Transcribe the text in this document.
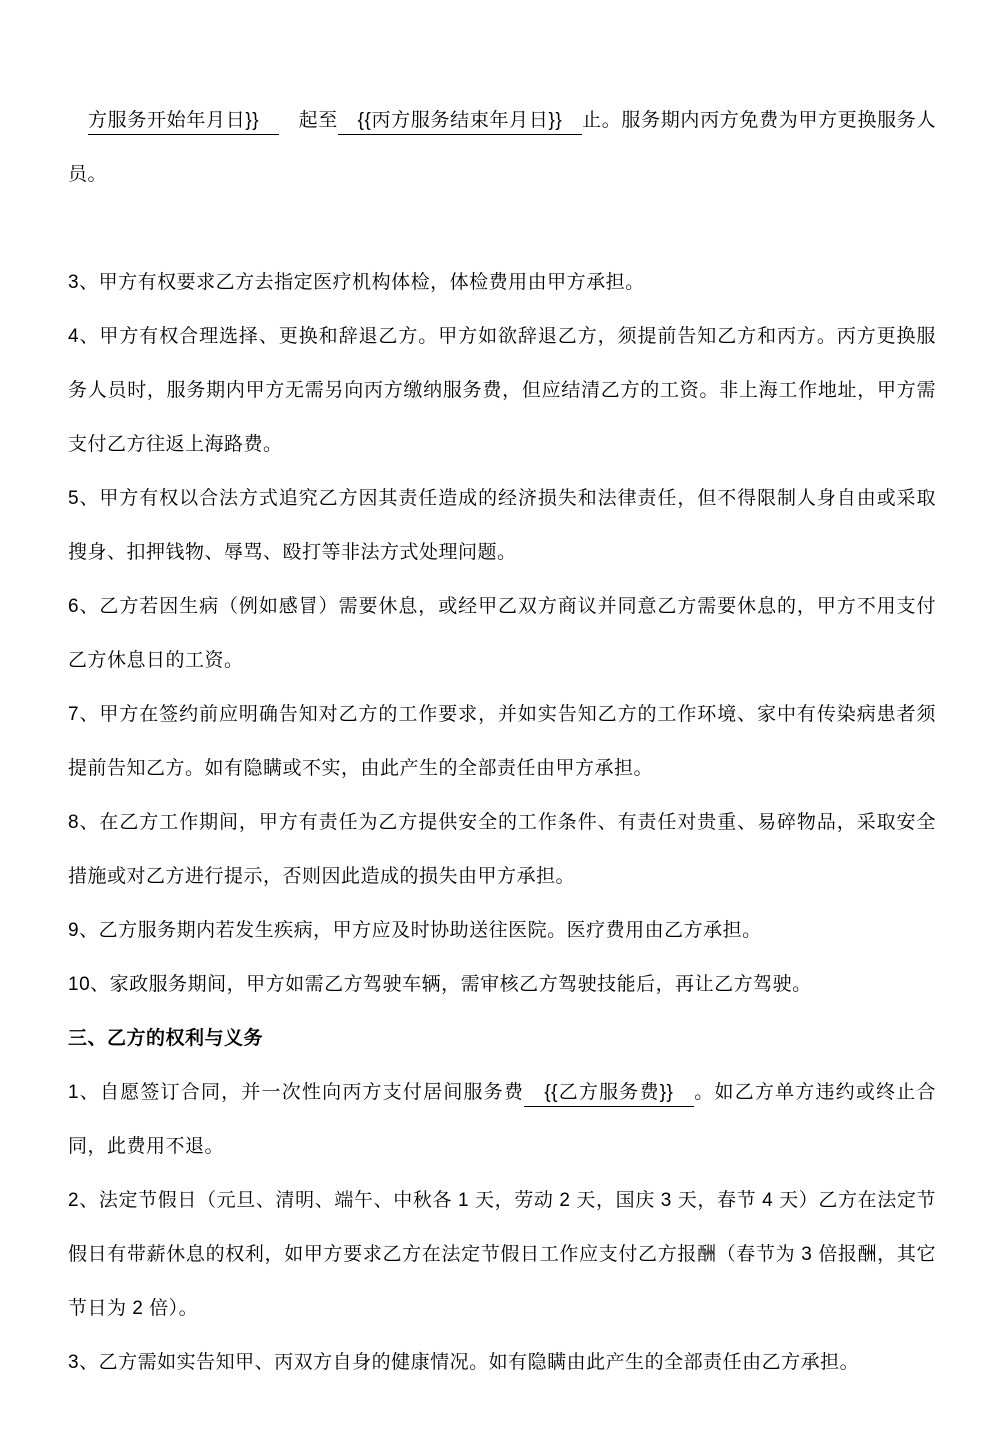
方服务开始年月日}}　　起至　{{丙方服务结束年月日}}　止。服务期内丙方免费为甲方更换服务人员。

3、甲方有权要求乙方去指定医疗机构体检，体检费用由甲方承担。

4、甲方有权合理选择、更换和辞退乙方。甲方如欲辞退乙方，须提前告知乙方和丙方。丙方更换服务人员时，服务期内甲方无需另向丙方缴纳服务费，但应结清乙方的工资。非上海工作地址，甲方需支付乙方往返上海路费。

5、甲方有权以合法方式追究乙方因其责任造成的经济损失和法律责任，但不得限制人身自由或采取搜身、扣押钱物、辱骂、殴打等非法方式处理问题。

6、乙方若因生病（例如感冒）需要休息，或经甲乙双方商议并同意乙方需要休息的，甲方不用支付乙方休息日的工资。

7、甲方在签约前应明确告知对乙方的工作要求，并如实告知乙方的工作环境、家中有传染病患者须提前告知乙方。如有隐瞒或不实，由此产生的全部责任由甲方承担。

8、在乙方工作期间，甲方有责任为乙方提供安全的工作条件、有责任对贵重、易碎物品，采取安全措施或对乙方进行提示，否则因此造成的损失由甲方承担。

9、乙方服务期内若发生疾病，甲方应及时协助送往医院。医疗费用由乙方承担。

10、家政服务期间，甲方如需乙方驾驶车辆，需审核乙方驾驶技能后，再让乙方驾驶。

三、乙方的权利与义务

1、自愿签订合同，并一次性向丙方支付居间服务费　{{乙方服务费}}　。如乙方单方违约或终止合同，此费用不退。

2、法定节假日（元旦、清明、端午、中秋各 1 天，劳动 2 天，国庆 3 天，春节 4 天）乙方在法定节假日有带薪休息的权利，如甲方要求乙方在法定节假日工作应支付乙方报酬（春节为 3 倍报酬，其它节日为 2 倍）。

3、乙方需如实告知甲、丙双方自身的健康情况。如有隐瞒由此产生的全部责任由乙方承担。
